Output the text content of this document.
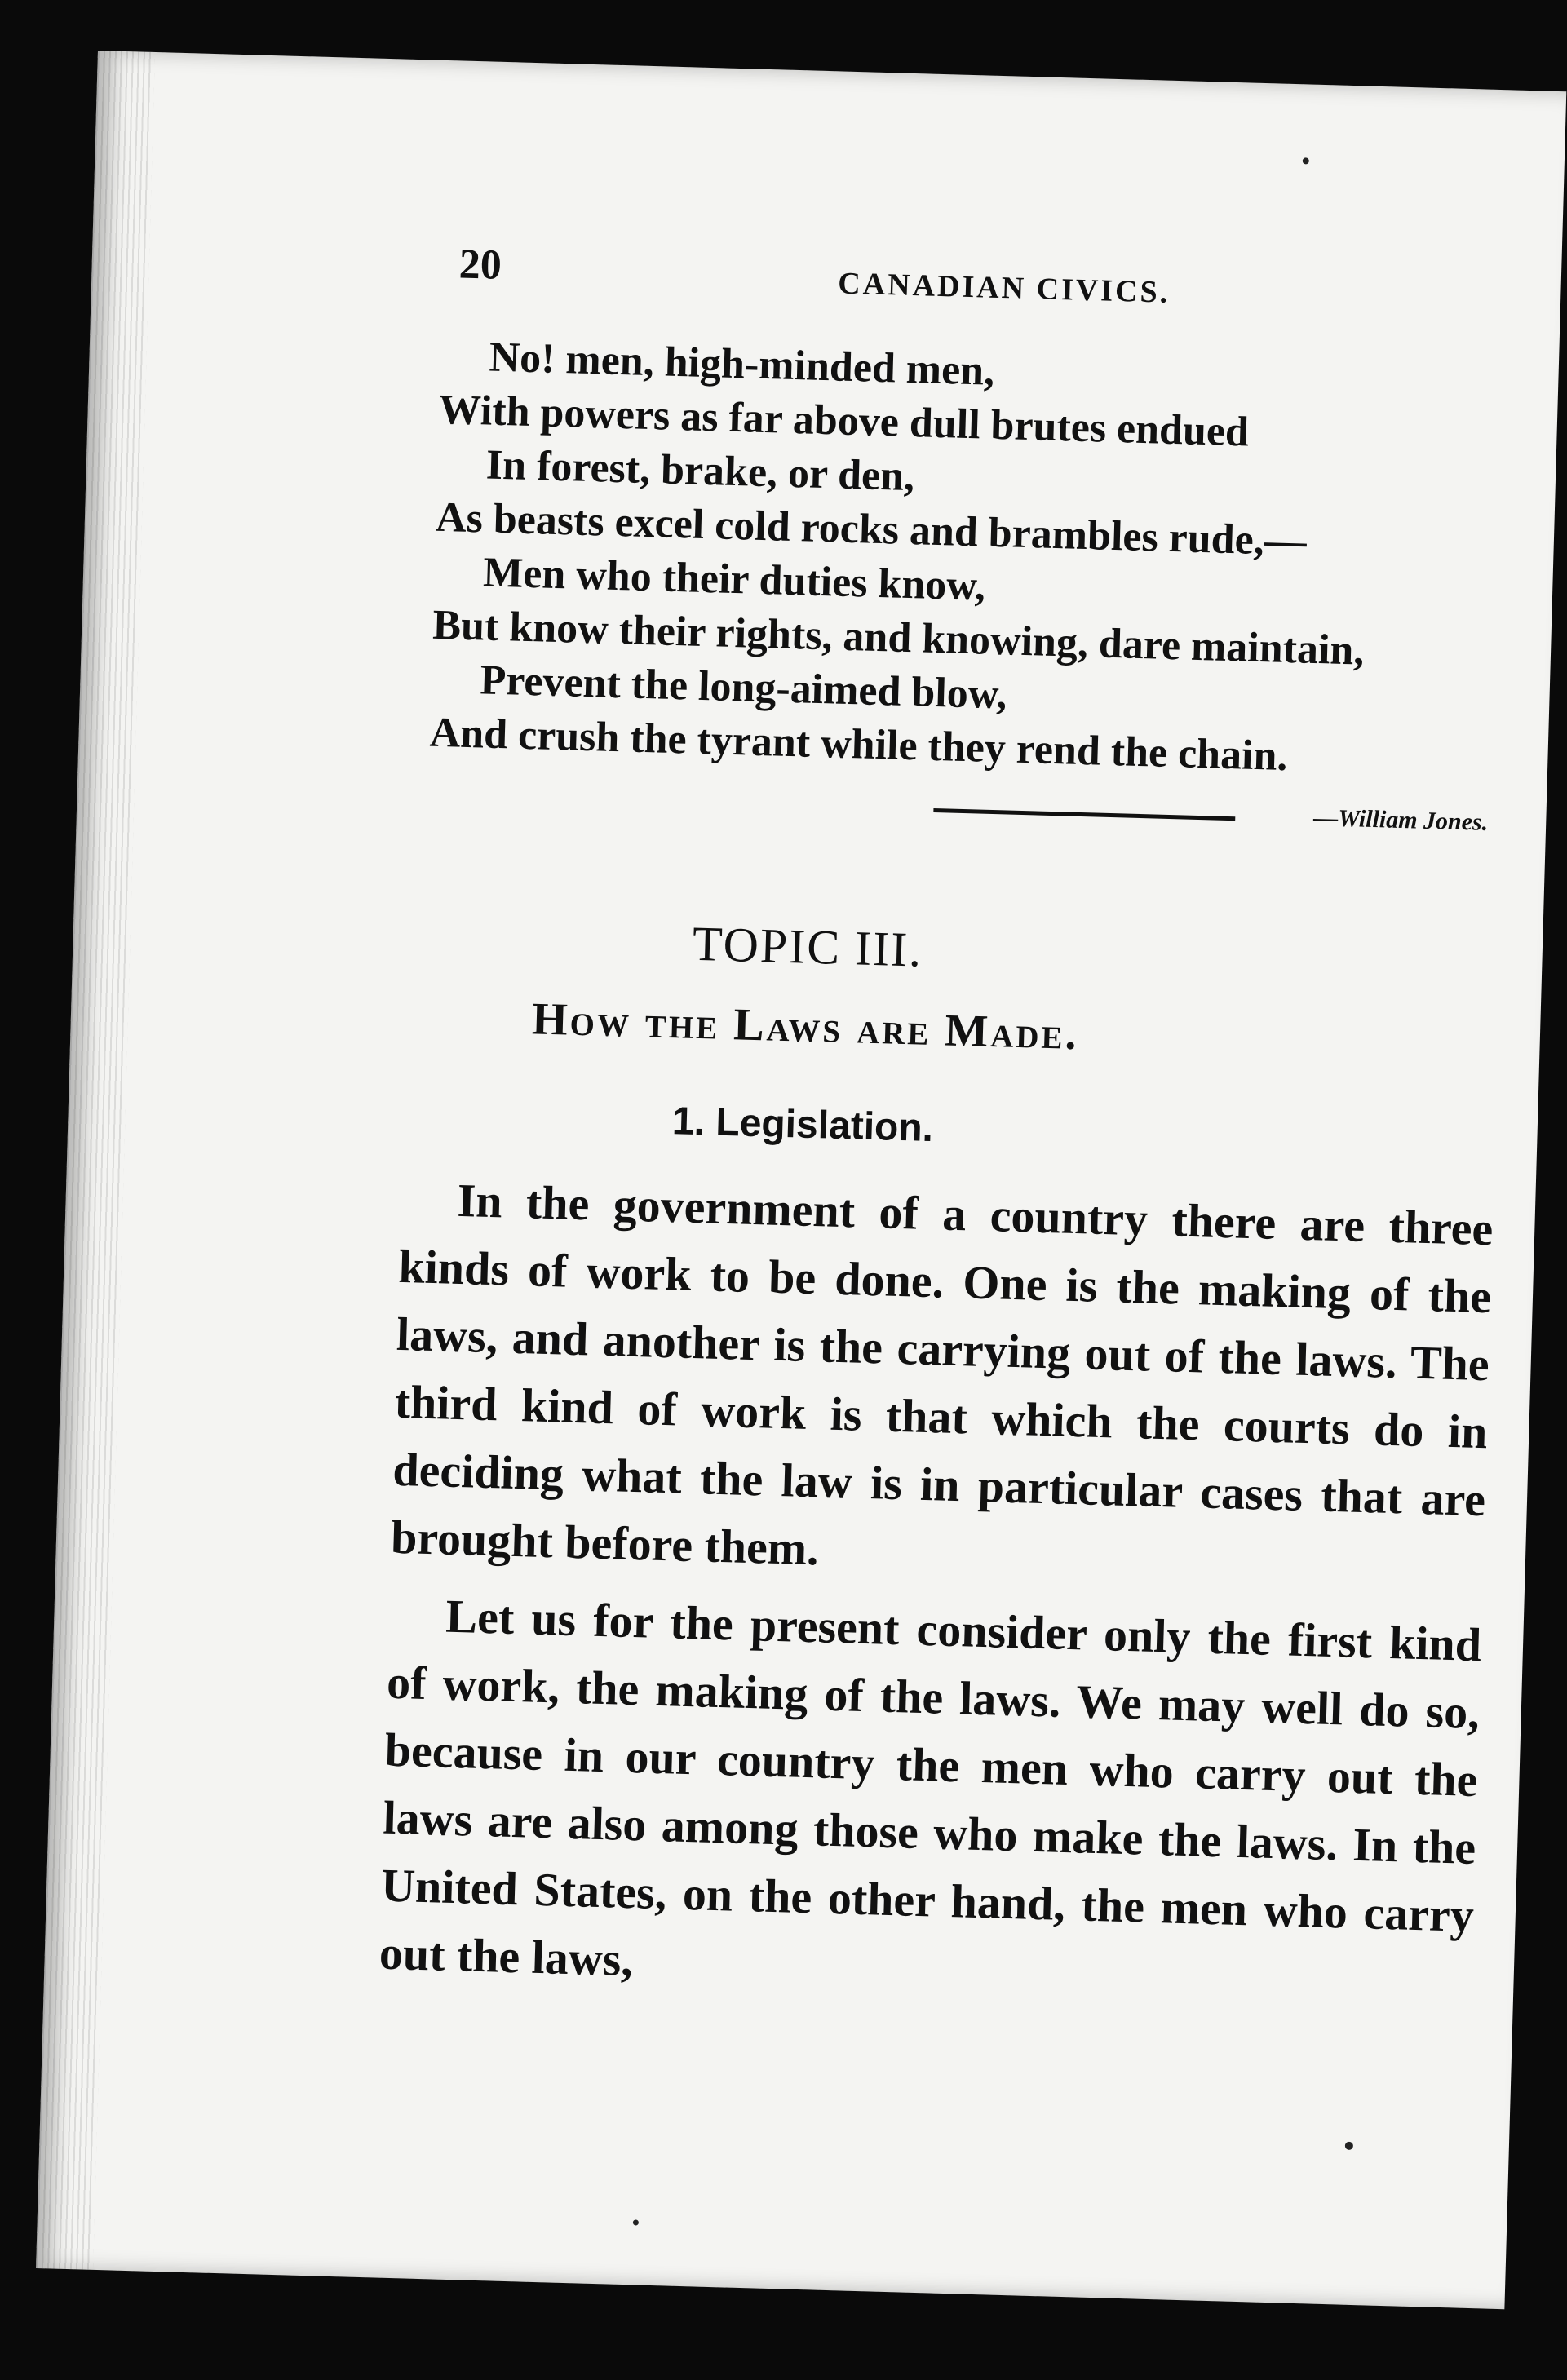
20	CANADIAN CIVICS.
No! men, high-minded men,
With powers as far above dull brutes endued
In forest, brake, or den,
As beasts excel cold rocks and brambles rude,—
Men who their duties know,
But know their rights, and knowing, dare maintain,
Prevent the long-aimed blow,
And crush the tyrant while they rend the chain.
—William Jones.
TOPIC III.
How the Laws are Made.
1. Legislation.

In the government of a country there are three kinds of work to be done. One is the making of the laws, and another is the carrying out of the laws. The third kind of work is that which the courts do in deciding what the law is in particular cases that are brought before them.

Let us for the present consider only the first kind of work, the making of the laws. We may well do so, because in our country the men who carry out the laws are also among those who make the laws. In the United States, on the other hand, the men who carry out the laws,
